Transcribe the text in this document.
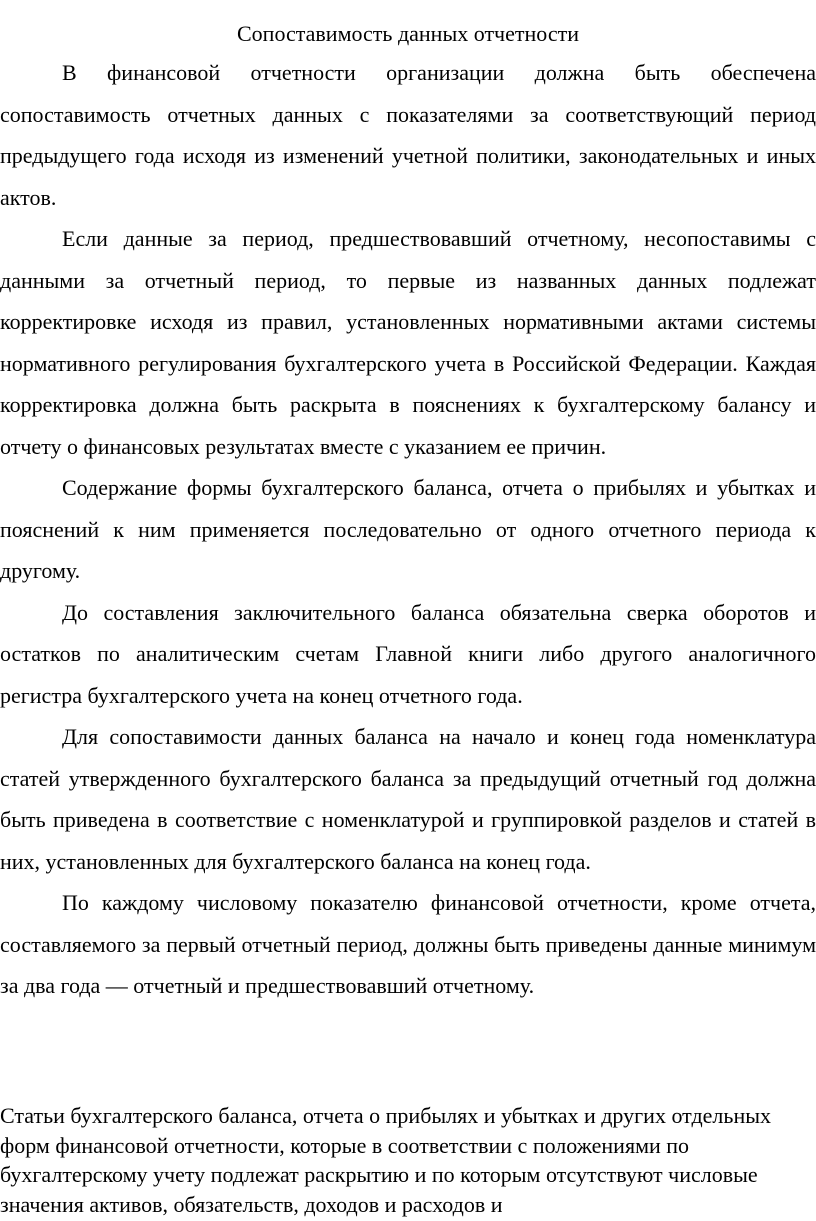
Сопоставимость данных отчетности

В финансовой отчетности организации должна быть обеспечена сопоставимость отчетных данных с показателями за соответствующий период предыдущего года исходя из изменений учетной политики, законодательных и иных актов.

Если данные за период, предшествовавший отчетному, несопоставимы с данными за отчетный период, то первые из названных данных подлежат корректировке исходя из правил, установленных нормативными актами системы нормативного регулирования бухгалтерского учета в Российской Федерации. Каждая корректировка должна быть раскрыта в пояснениях к бухгалтерскому балансу и отчету о финансовых результатах вместе с указанием ее причин.

Содержание формы бухгалтерского баланса, отчета о прибылях и убытках и пояснений к ним применяется последовательно от одного отчетного периода к другому.

До составления заключительного баланса обязательна сверка оборотов и остатков по аналитическим счетам Главной книги либо другого аналогичного регистра бухгалтерского учета на конец отчетного года.

Для сопоставимости данных баланса на начало и конец года номенклатура статей утвержденного бухгалтерского баланса за предыдущий отчетный год должна быть приведена в соответствие с номенклатурой и группировкой разделов и статей в них, установленных для бухгалтерского баланса на конец года.

По каждому числовому показателю финансовой отчетности, кроме отчета, составляемого за первый отчетный период, должны быть приведены данные минимум за два года — отчетный и предшествовавший отчетному.

Статьи бухгалтерского баланса, отчета о прибылях и убытках и других отдельных форм финансовой отчетности, которые в соответствии с положениями по бухгалтерскому учету подлежат раскрытию и по которым отсутствуют числовые значения активов, обязательств, доходов и расходов и
